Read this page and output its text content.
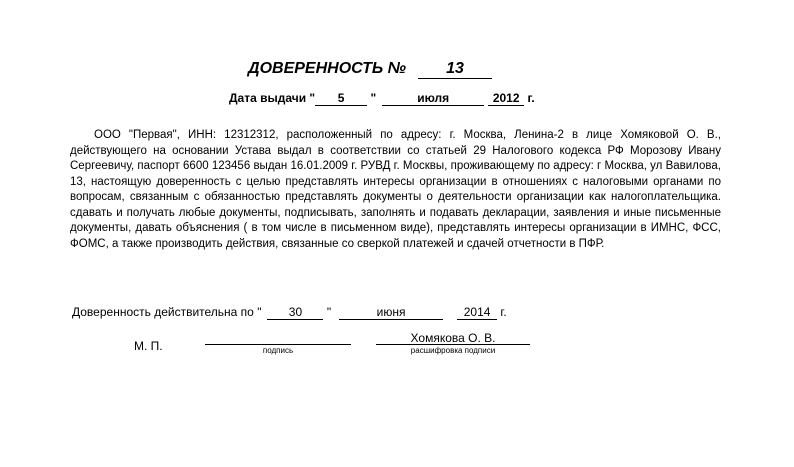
ДОВЕРЕННОСТЬ №	13
Дата выдачи " 5 "	июля	2012 г.
ООО "Первая", ИНН: 12312312, расположенный по адресу: г. Москва, Ленина-2 в лице Хомяковой О. В., действующего на основании Устава выдал в соответствии со статьей 29 Налогового кодекса РФ Морозову Ивану Сергеевичу, паспорт 6600 123456 выдан 16.01.2009 г. РУВД г. Москвы, проживающему по адресу: г Москва, ул Вавилова, 13, настоящую доверенность с целью представлять интересы организации в отношениях с налоговыми органами по вопросам, связанным с обязанностью представлять документы о деятельности организации как налогоплательщика. сдавать и получать любые документы, подписывать, заполнять и подавать декларации, заявления и иные письменные документы, давать объяснения ( в том числе в письменном виде), представлять интересы организации в ИМНС, ФСС, ФОМС, а также производить действия, связанные со сверкой платежей и сдачей отчетности в ПФР.
Доверенность действительна по " 30 "	июня	2014 г.
М. П.	подпись
Хомякова О. В.
расшифровка подписи
